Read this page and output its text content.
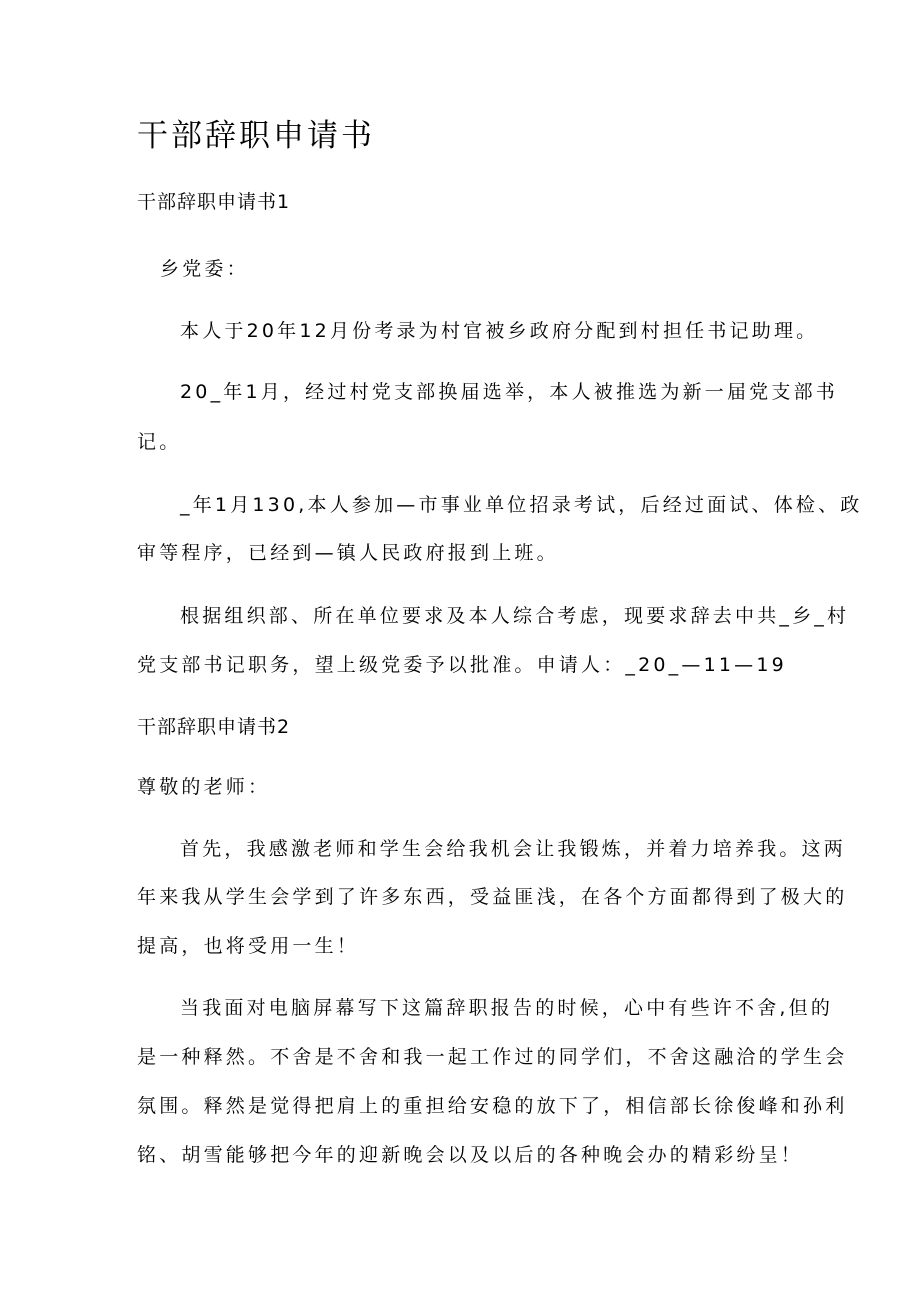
干部辞职申请书
干部辞职申请书1

乡党委：

本人于20年12月份考录为村官被乡政府分配到村担任书记助理。

20_年1月，经过村党支部换届选举，本人被推选为新一届党支部书

记。

_年1月130,本人参加—市事业单位招录考试，后经过面试、体检、政

审等程序，已经到—镇人民政府报到上班。

根据组织部、所在单位要求及本人综合考虑，现要求辞去中共_乡_村

党支部书记职务，望上级党委予以批准。申请人：_20_—11—19

干部辞职申请书2

尊敬的老师：

首先，我感激老师和学生会给我机会让我锻炼，并着力培养我。这两

年来我从学生会学到了许多东西，受益匪浅，在各个方面都得到了极大的

提高，也将受用一生！

当我面对电脑屏幕写下这篇辞职报告的时候，心中有些许不舍,但的

是一种释然。不舍是不舍和我一起工作过的同学们，不舍这融洽的学生会

氛围。释然是觉得把肩上的重担给安稳的放下了，相信部长徐俊峰和孙利

铭、胡雪能够把今年的迎新晚会以及以后的各种晚会办的精彩纷呈！
